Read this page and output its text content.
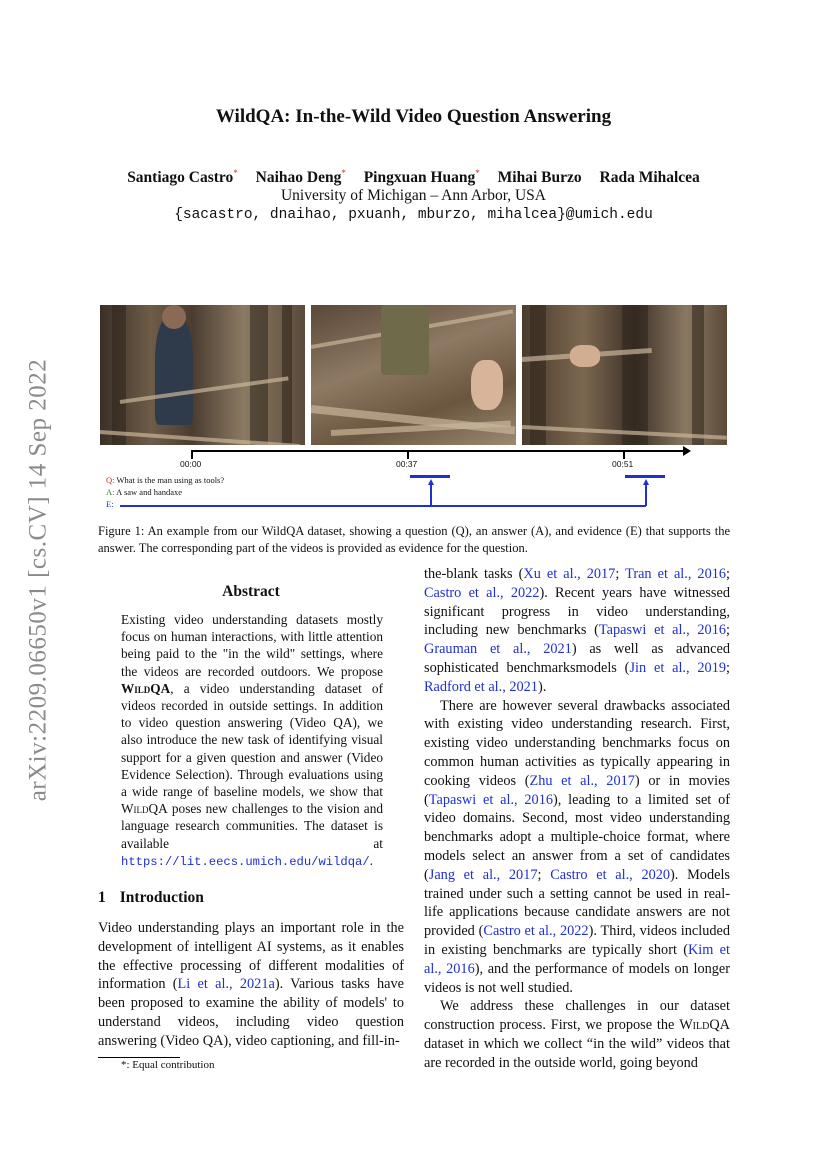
arXiv:2209.06650v1 [cs.CV] 14 Sep 2022
WildQA: In-the-Wild Video Question Answering
Santiago Castro* Naihao Deng* Pingxuan Huang* Mihai Burzo Rada Mihalcea
University of Michigan – Ann Arbor, USA
{sacastro, dnaihao, pxuanh, mburzo, mihalcea}@umich.edu
00:00	00:37	00:51
Q: What is the man using as tools?
A: A saw and handaxe
E:
Figure 1: An example from our WildQA dataset, showing a question (Q), an answer (A), and evidence (E) that supports the answer. The corresponding part of the videos is provided as evidence for the question.
Abstract
Existing video understanding datasets mostly focus on human interactions, with little attention being paid to the "in the wild" settings, where the videos are recorded outdoors. We propose WildQA, a video understanding dataset of videos recorded in outside settings. In addition to video question answering (Video QA), we also introduce the new task of identifying visual support for a given question and answer (Video Evidence Selection). Through evaluations using a wide range of baseline models, we show that WildQA poses new challenges to the vision and language research communities. The dataset is available at https://lit.eecs.umich.edu/wildqa/.
1 Introduction

Video understanding plays an important role in the development of intelligent AI systems, as it enables the effective processing of different modalities of information (Li et al., 2021a). Various tasks have been proposed to examine the ability of models' to understand videos, including video question answering (Video QA), video captioning, and fill-in-

*: Equal contribution

the-blank tasks (Xu et al., 2017; Tran et al., 2016; Castro et al., 2022). Recent years have witnessed significant progress in video understanding, including new benchmarks (Tapaswi et al., 2016; Grauman et al., 2021) as well as advanced sophisticated benchmarksmodels (Jin et al., 2019; Radford et al., 2021).

There are however several drawbacks associated with existing video understanding research. First, existing video understanding benchmarks focus on common human activities as typically appearing in cooking videos (Zhu et al., 2017) or in movies (Tapaswi et al., 2016), leading to a limited set of video domains. Second, most video understanding benchmarks adopt a multiple-choice format, where models select an answer from a set of candidates (Jang et al., 2017; Castro et al., 2020). Models trained under such a setting cannot be used in real-life applications because candidate answers are not provided (Castro et al., 2022). Third, videos included in existing benchmarks are typically short (Kim et al., 2016), and the performance of models on longer videos is not well studied.

We address these challenges in our dataset construction process. First, we propose the WildQA dataset in which we collect “in the wild” videos that are recorded in the outside world, going beyond
